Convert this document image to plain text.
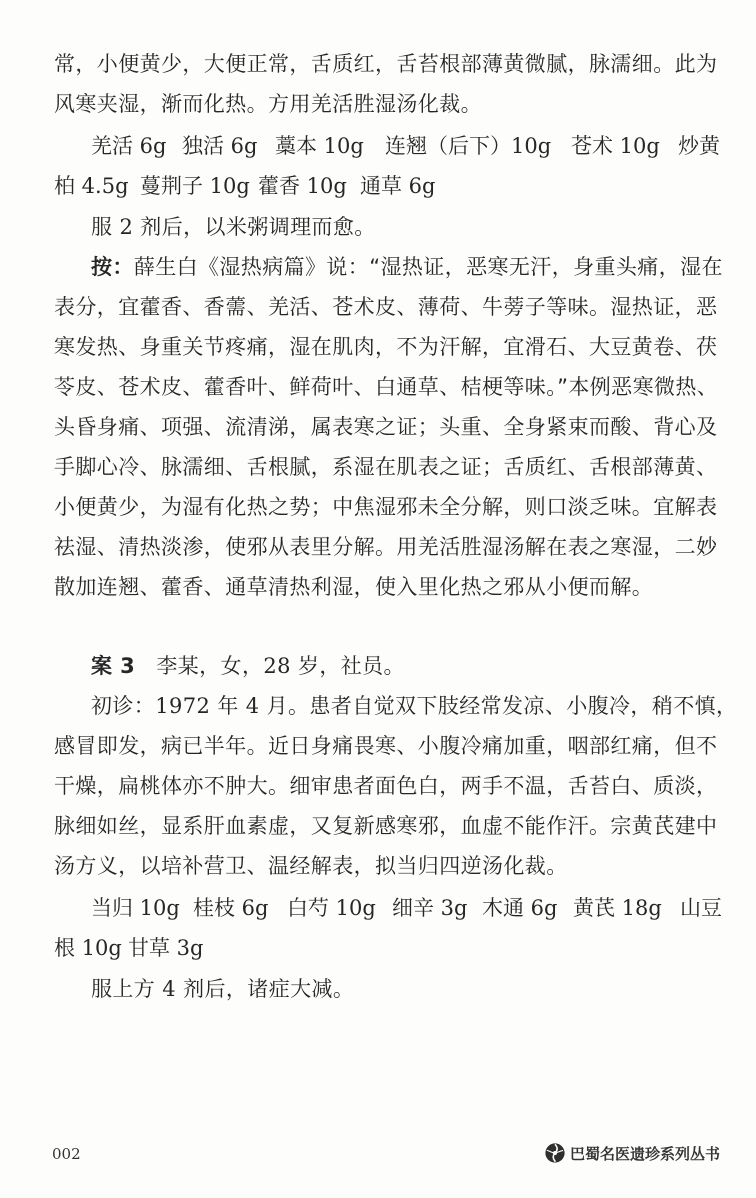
常，小便黄少，大便正常，舌质红，舌苔根部薄黄微腻，脉濡细。此为
风寒夹湿，渐而化热。方用羌活胜湿汤化裁。
羌活 6g 独活 6g 藁本 10g 连翘（后下）10g 苍术 10g 炒黄
柏 4.5g 蔓荆子 10g 藿香 10g 通草 6g
服 2 剂后，以米粥调理而愈。
按：薛生白《湿热病篇》说：“湿热证，恶寒无汗，身重头痛，湿在
表分，宜藿香、香薷、羌活、苍术皮、薄荷、牛蒡子等味。湿热证，恶
寒发热、身重关节疼痛，湿在肌肉，不为汗解，宜滑石、大豆黄卷、茯
苓皮、苍术皮、藿香叶、鲜荷叶、白通草、桔梗等味。”本例恶寒微热、
头昏身痛、项强、流清涕，属表寒之证；头重、全身紧束而酸、背心及
手脚心冷、脉濡细、舌根腻，系湿在肌表之证；舌质红、舌根部薄黄、
小便黄少，为湿有化热之势；中焦湿邪未全分解，则口淡乏味。宜解表
祛湿、清热淡渗，使邪从表里分解。用羌活胜湿汤解在表之寒湿，二妙
散加连翘、藿香、通草清热利湿，使入里化热之邪从小便而解。
案 3 李某，女，28 岁，社员。
初诊：1972 年 4 月。患者自觉双下肢经常发凉、小腹冷，稍不慎，
感冒即发，病已半年。近日身痛畏寒、小腹冷痛加重，咽部红痛，但不
干燥，扁桃体亦不肿大。细审患者面色白，两手不温，舌苔白、质淡，
脉细如丝，显系肝血素虚，又复新感寒邪，血虚不能作汗。宗黄芪建中
汤方义，以培补营卫、温经解表，拟当归四逆汤化裁。
当归 10g 桂枝 6g 白芍 10g 细辛 3g 木通 6g 黄芪 18g 山豆
根 10g 甘草 3g
服上方 4 剂后，诸症大减。
002	巴蜀名医遗珍系列丛书
